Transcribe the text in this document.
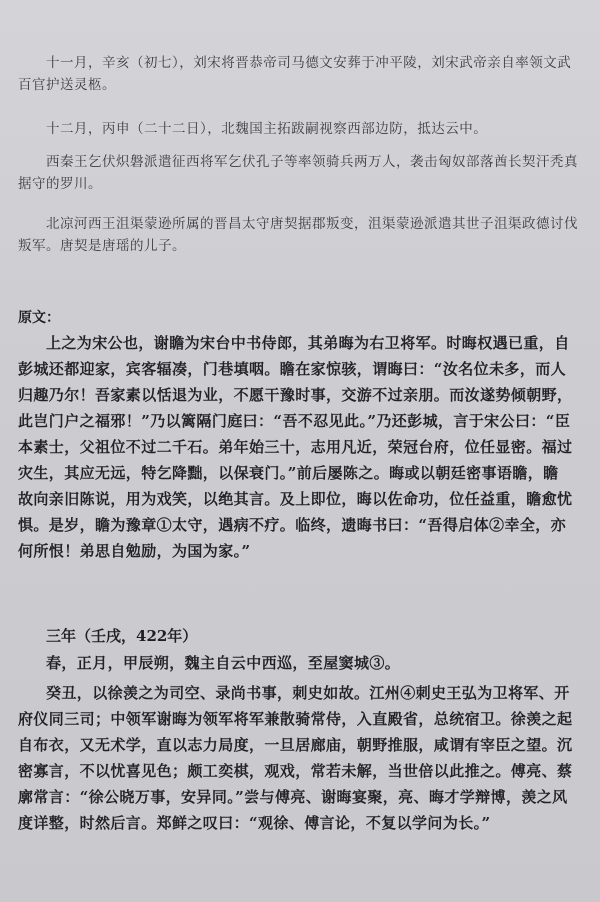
十一月，辛亥（初七），刘宋将晋恭帝司马德文安葬于冲平陵，刘宋武帝亲自率领文武百官护送灵柩。
十二月，丙申（二十二日），北魏国主拓跋嗣视察西部边防，抵达云中。
西秦王乞伏炽磐派遣征西将军乞伏孔子等率领骑兵两万人，袭击匈奴部落酋长契汗秃真据守的罗川。
北凉河西王沮渠蒙逊所属的晋昌太守唐契据郡叛变，沮渠蒙逊派遣其世子沮渠政德讨伐叛军。唐契是唐瑶的儿子。
原文：
上之为宋公也，谢瞻为宋台中书侍郎，其弟晦为右卫将军。时晦权遇已重，自彭城还都迎家，宾客辐凑，门巷填咽。瞻在家惊骇，谓晦曰：“汝名位未多，而人归趣乃尔！吾家素以恬退为业，不愿干豫时事，交游不过亲朋。而汝遂势倾朝野，此岂门户之福邪！”乃以篱隔门庭曰：“吾不忍见此。”乃还彭城，言于宋公曰：“臣本素士，父祖位不过二千石。弟年始三十，志用凡近，荣冠台府，位任显密。福过灾生，其应无远，特乞降黜，以保衰门。”前后屡陈之。晦或以朝廷密事语瞻，瞻故向亲旧陈说，用为戏笑，以绝其言。及上即位，晦以佐命功，位任益重，瞻愈忧惧。是岁，瞻为豫章①太守，遇病不疗。临终，遗晦书曰：“吾得启体②幸全，亦何所恨！弟思自勉励，为国为家。”
三年（壬戌，422年）
春，正月，甲辰朔，魏主自云中西巡，至屋窦城③。
癸丑，以徐羡之为司空、录尚书事，刺史如故。江州④刺史王弘为卫将军、开府仪同三司；中领军谢晦为领军将军兼散骑常侍，入直殿省，总统宿卫。徐羡之起自布衣，又无术学，直以志力局度，一旦居廊庙，朝野推服，咸谓有宰臣之望。沉密寡言，不以忧喜见色；颇工奕棋，观戏，常若未解，当世倍以此推之。傅亮、蔡廓常言：“徐公晓万事，安异同。”尝与傅亮、谢晦宴聚，亮、晦才学辩博，羡之风度详整，时然后言。郑鲜之叹曰：“观徐、傅言论，不复以学问为长。”
